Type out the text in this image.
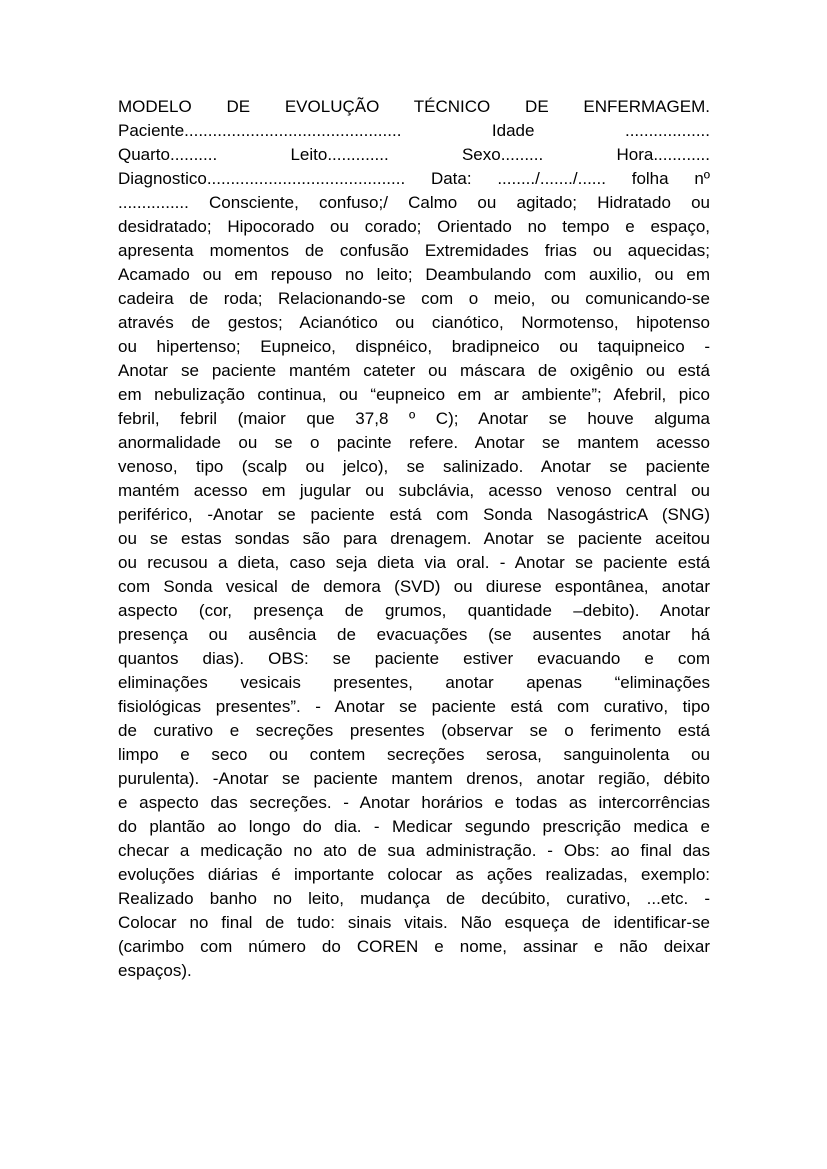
MODELO DE EVOLUÇÃO TÉCNICO DE ENFERMAGEM.
Paciente.............................................. Idade ..................
Quarto.......... Leito............. Sexo......... Hora............
Diagnostico.......................................... Data: ......../......./...... folha nº
............... Consciente, confuso;/ Calmo ou agitado; Hidratado ou
desidratado; Hipocorado ou corado; Orientado no tempo e espaço,
apresenta momentos de confusão Extremidades frias ou aquecidas;
Acamado ou em repouso no leito; Deambulando com auxilio, ou em
cadeira de roda; Relacionando-se com o meio, ou comunicando-se
através de gestos; Acianótico ou cianótico, Normotenso, hipotenso
ou hipertenso; Eupneico, dispnéico, bradipneico ou taquipneico -
Anotar se paciente mantém cateter ou máscara de oxigênio ou está
em nebulização continua, ou “eupneico em ar ambiente”; Afebril, pico
febril, febril (maior que 37,8 º C); Anotar se houve alguma
anormalidade ou se o pacinte refere. Anotar se mantem acesso
venoso, tipo (scalp ou jelco), se salinizado. Anotar se paciente
mantém acesso em jugular ou subclávia, acesso venoso central ou
periférico, -Anotar se paciente está com Sonda NasogástricA (SNG)
ou se estas sondas são para drenagem. Anotar se paciente aceitou
ou recusou a dieta, caso seja dieta via oral. - Anotar se paciente está
com Sonda vesical de demora (SVD) ou diurese espontânea, anotar
aspecto (cor, presença de grumos, quantidade –debito). Anotar
presença ou ausência de evacuações (se ausentes anotar há
quantos dias). OBS: se paciente estiver evacuando e com
eliminações vesicais presentes, anotar apenas “eliminações
fisiológicas presentes”. - Anotar se paciente está com curativo, tipo
de curativo e secreções presentes (observar se o ferimento está
limpo e seco ou contem secreções serosa, sanguinolenta ou
purulenta). -Anotar se paciente mantem drenos, anotar região, débito
e aspecto das secreções. - Anotar horários e todas as intercorrências
do plantão ao longo do dia. - Medicar segundo prescrição medica e
checar a medicação no ato de sua administração. - Obs: ao final das
evoluções diárias é importante colocar as ações realizadas, exemplo:
Realizado banho no leito, mudança de decúbito, curativo, ...etc. -
Colocar no final de tudo: sinais vitais. Não esqueça de identificar-se
(carimbo com número do COREN e nome, assinar e não deixar
espaços).
